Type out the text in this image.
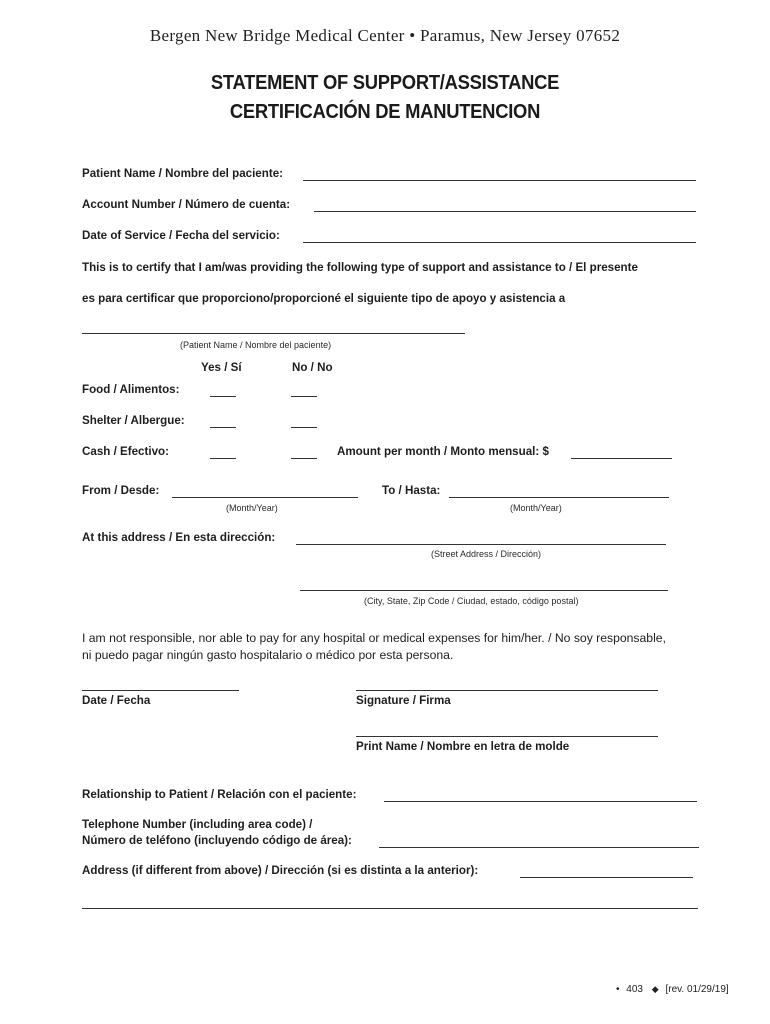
Bergen New Bridge Medical Center • Paramus, New Jersey 07652
STATEMENT OF SUPPORT/ASSISTANCE
CERTIFICACIÓN DE MANUTENCION
Patient Name / Nombre del paciente:
Account Number / Número de cuenta:
Date of Service / Fecha del servicio:
This is to certify that I am/was providing the following type of support and assistance to / El presente
es para certificar que proporciono/proporcioné el siguiente tipo de apoyo y asistencia a
(Patient Name / Nombre del paciente)
Yes / Sí	No / No
Food / Alimentos:
Shelter / Albergue:
Cash / Efectivo:	Amount per month / Monto mensual: $
From / Desde:
(Month/Year)
To / Hasta:
(Month/Year)
At this address / En esta dirección:
(Street Address / Dirección)
(City, State, Zip Code / Ciudad, estado, código postal)
I am not responsible, nor able to pay for any hospital or medical expenses for him/her. / No soy responsable,
ni puedo pagar ningún gasto hospitalario o médico por esta persona.
Date / Fecha	Signature / Firma
Print Name / Nombre en letra de molde
Relationship to Patient / Relación con el paciente:
Telephone Number (including area code) /
Número de teléfono (incluyendo código de área):
Address (if different from above) / Dirección (si es distinta a la anterior):
• 403 ◆ [rev. 01/29/19]
